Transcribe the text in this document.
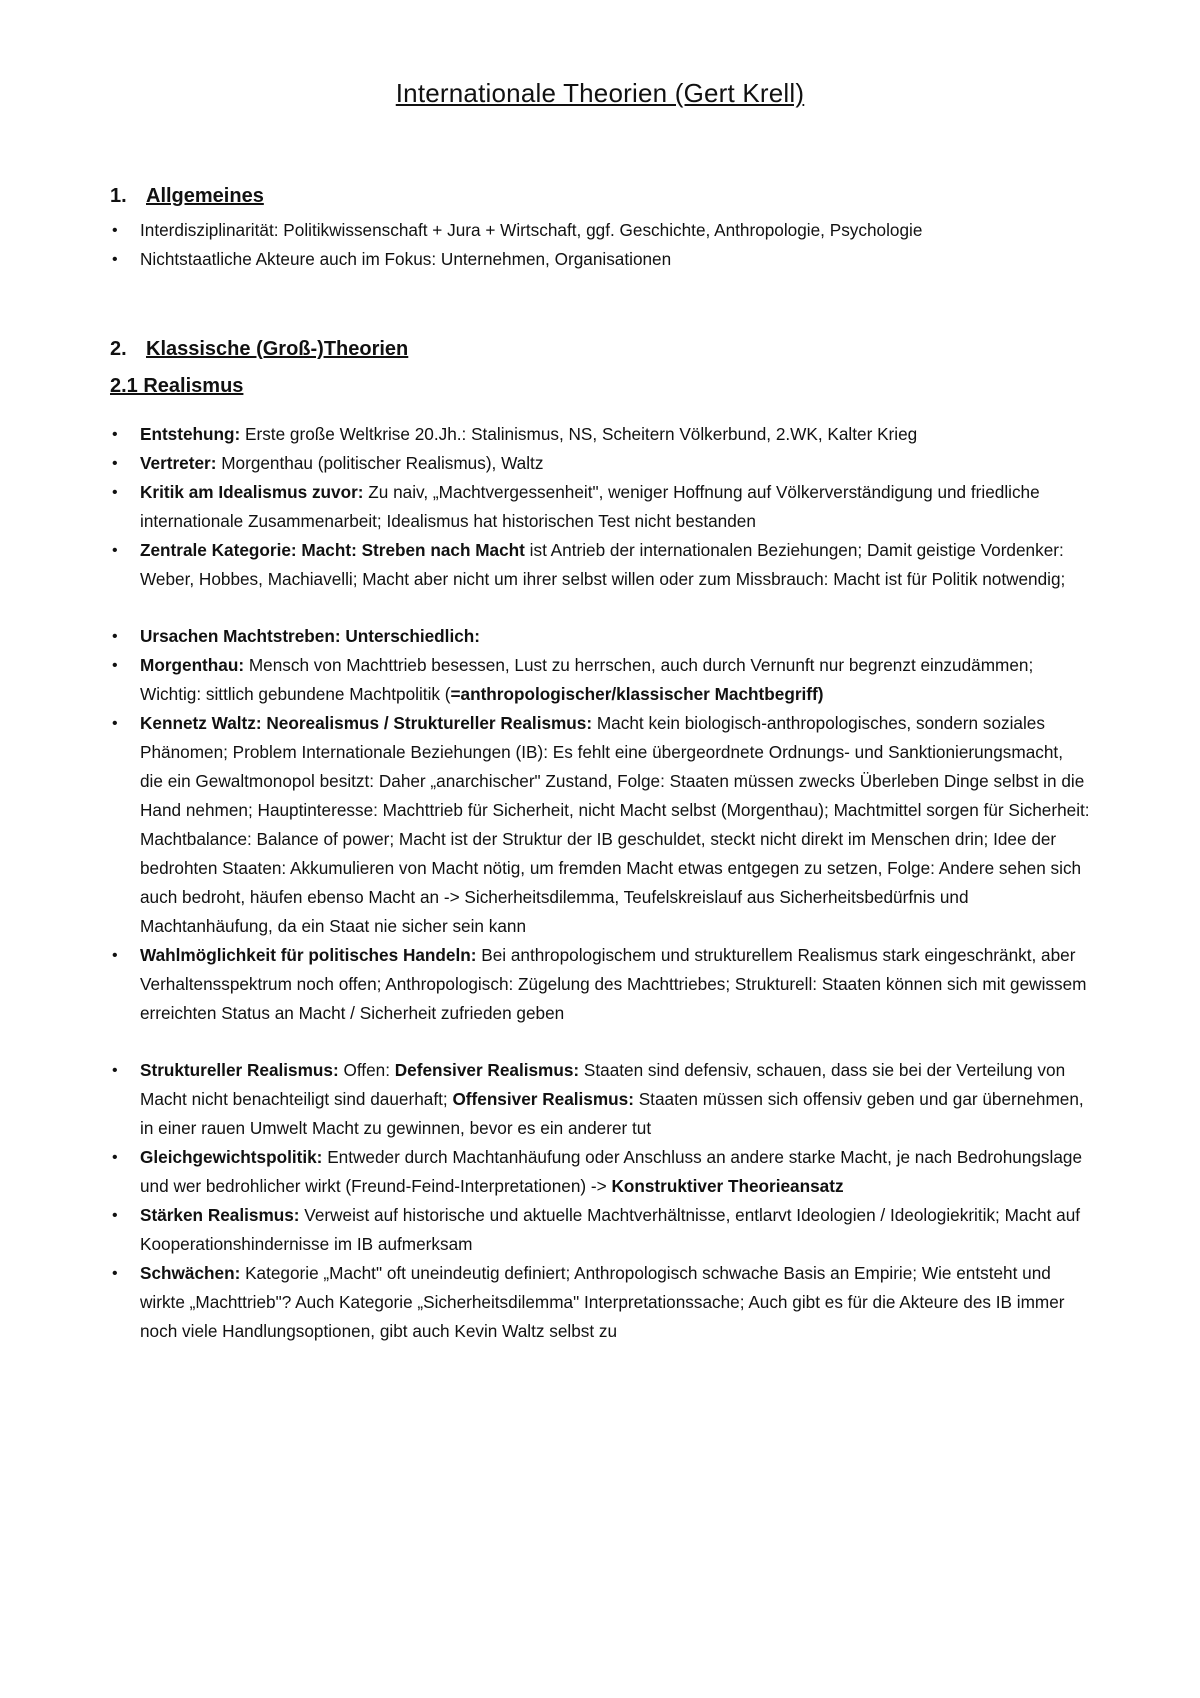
Internationale Theorien (Gert Krell)
1. Allgemeines
• Interdisziplinarität: Politikwissenschaft + Jura + Wirtschaft, ggf. Geschichte, Anthropologie, Psychologie
• Nichtstaatliche Akteure auch im Fokus: Unternehmen, Organisationen
2. Klassische (Groß-)Theorien
2.1 Realismus
• Entstehung: Erste große Weltkrise 20.Jh.: Stalinismus, NS, Scheitern Völkerbund, 2.WK, Kalter Krieg
• Vertreter: Morgenthau (politischer Realismus), Waltz
• Kritik am Idealismus zuvor: Zu naiv, „Machtvergessenheit", weniger Hoffnung auf Völkerverständigung und friedliche internationale Zusammenarbeit; Idealismus hat historischen Test nicht bestanden
• Zentrale Kategorie: Macht: Streben nach Macht ist Antrieb der internationalen Beziehungen; Damit geistige Vordenker: Weber, Hobbes, Machiavelli; Macht aber nicht um ihrer selbst willen oder zum Missbrauch: Macht ist für Politik notwendig;
• Ursachen Machtstreben: Unterschiedlich:
• Morgenthau: Mensch von Machttrieb besessen, Lust zu herrschen, auch durch Vernunft nur begrenzt einzudämmen; Wichtig: sittlich gebundene Machtpolitik (=anthropologischer/klassischer Machtbegriff)
• Kennetz Waltz: Neorealismus / Struktureller Realismus: Macht kein biologisch-anthropologisches, sondern soziales Phänomen; Problem Internationale Beziehungen (IB): Es fehlt eine übergeordnete Ordnungs- und Sanktionierungsmacht, die ein Gewaltmonopol besitzt: Daher „anarchischer" Zustand, Folge: Staaten müssen zwecks Überleben Dinge selbst in die Hand nehmen; Hauptinteresse: Machttrieb für Sicherheit, nicht Macht selbst (Morgenthau); Machtmittel sorgen für Sicherheit: Machtbalance: Balance of power; Macht ist der Struktur der IB geschuldet, steckt nicht direkt im Menschen drin; Idee der bedrohten Staaten: Akkumulieren von Macht nötig, um fremden Macht etwas entgegen zu setzen, Folge: Andere sehen sich auch bedroht, häufen ebenso Macht an -> Sicherheitsdilemma, Teufelskreislauf aus Sicherheitsbedürfnis und Machtanhäufung, da ein Staat nie sicher sein kann
• Wahlmöglichkeit für politisches Handeln: Bei anthropologischem und strukturellem Realismus stark eingeschränkt, aber Verhaltensspektrum noch offen; Anthropologisch: Zügelung des Machttriebes; Strukturell: Staaten können sich mit gewissem erreichten Status an Macht / Sicherheit zufrieden geben
• Struktureller Realismus: Offen: Defensiver Realismus: Staaten sind defensiv, schauen, dass sie bei der Verteilung von Macht nicht benachteiligt sind dauerhaft; Offensiver Realismus: Staaten müssen sich offensiv geben und gar übernehmen, in einer rauen Umwelt Macht zu gewinnen, bevor es ein anderer tut
• Gleichgewichtspolitik: Entweder durch Machtanhäufung oder Anschluss an andere starke Macht, je nach Bedrohungslage und wer bedrohlicher wirkt (Freund-Feind-Interpretationen) -> Konstruktiver Theorieansatz
• Stärken Realismus: Verweist auf historische und aktuelle Machtverhältnisse, entlarvt Ideologien / Ideologiekritik; Macht auf Kooperationshindernisse im IB aufmerksam
• Schwächen: Kategorie „Macht" oft uneindeutig definiert; Anthropologisch schwache Basis an Empirie; Wie entsteht und wirkte „Machttrieb"? Auch Kategorie „Sicherheitsdilemma" Interpretationssache; Auch gibt es für die Akteure des IB immer noch viele Handlungsoptionen, gibt auch Kevin Waltz selbst zu
